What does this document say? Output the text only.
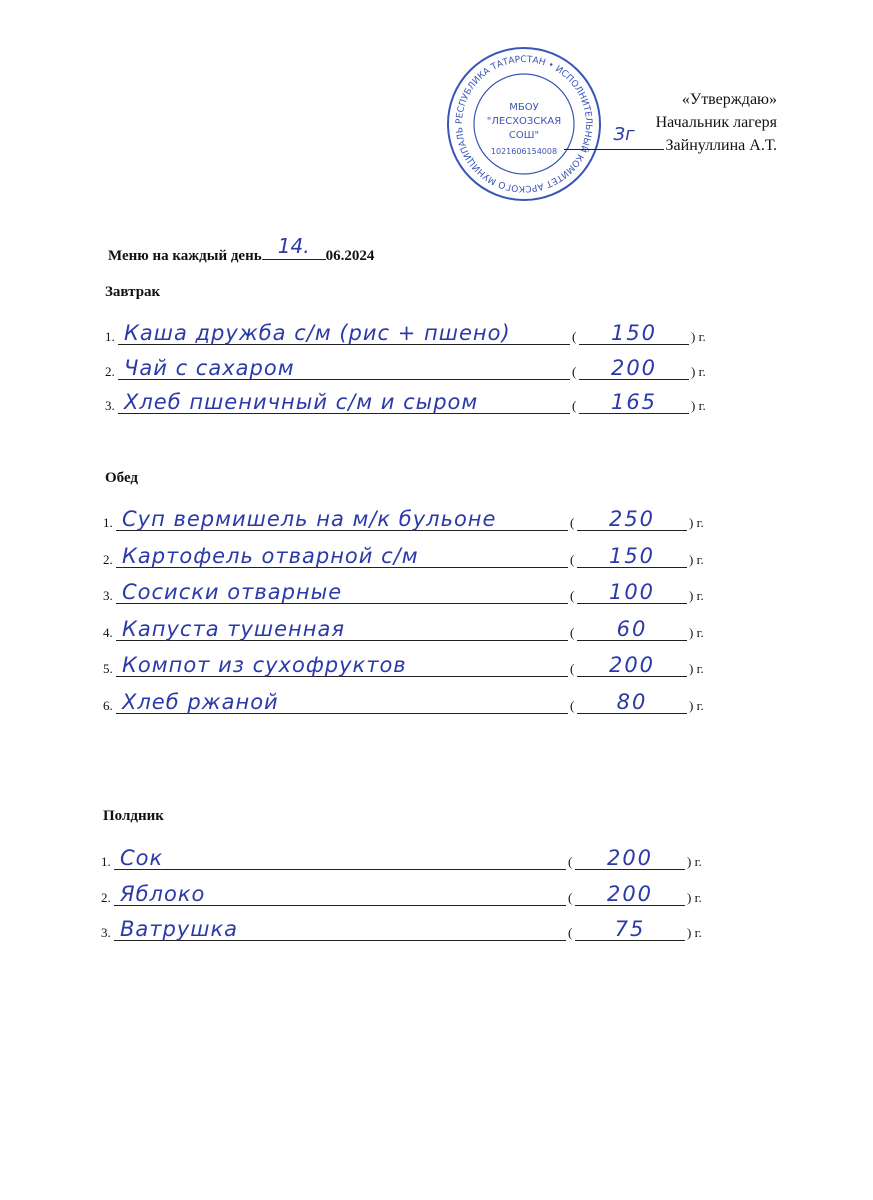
РЕСПУБЛИКА ТАТАРСТАН • ИСПОЛНИТЕЛЬНЫЙ КОМИТЕТ АРСКОГО МУНИЦИПАЛЬ
МБОУ
"ЛЕСХОЗСКАЯ
СОШ"
1021606154008
«Утверждаю»
Начальник лагеря
Зг
Зайнуллина А.Т.
Меню на каждый день 14.	06.2024
Завтрак
1. Каша дружба с/м (рис + пшено)	(	150	) г.
2. Чай с сахаром	(	200	) г.
3. Хлеб пшеничный с/м и сыром	(	165	) г.
Обед
1. Суп вермишель на м/к бульоне	(	250	) г.
2. Картофель отварной с/м	(	150	) г.
3. Сосиски отварные	(	100	) г.
4. Капуста тушенная	(	60	) г.
5. Компот из сухофруктов	(	200	) г.
6. Хлеб ржаной	(	80	) г.
Полдник
1. Сок	(	200	) г.
2. Яблоко	(	200	) г.
3. Ватрушка	(	75	) г.
